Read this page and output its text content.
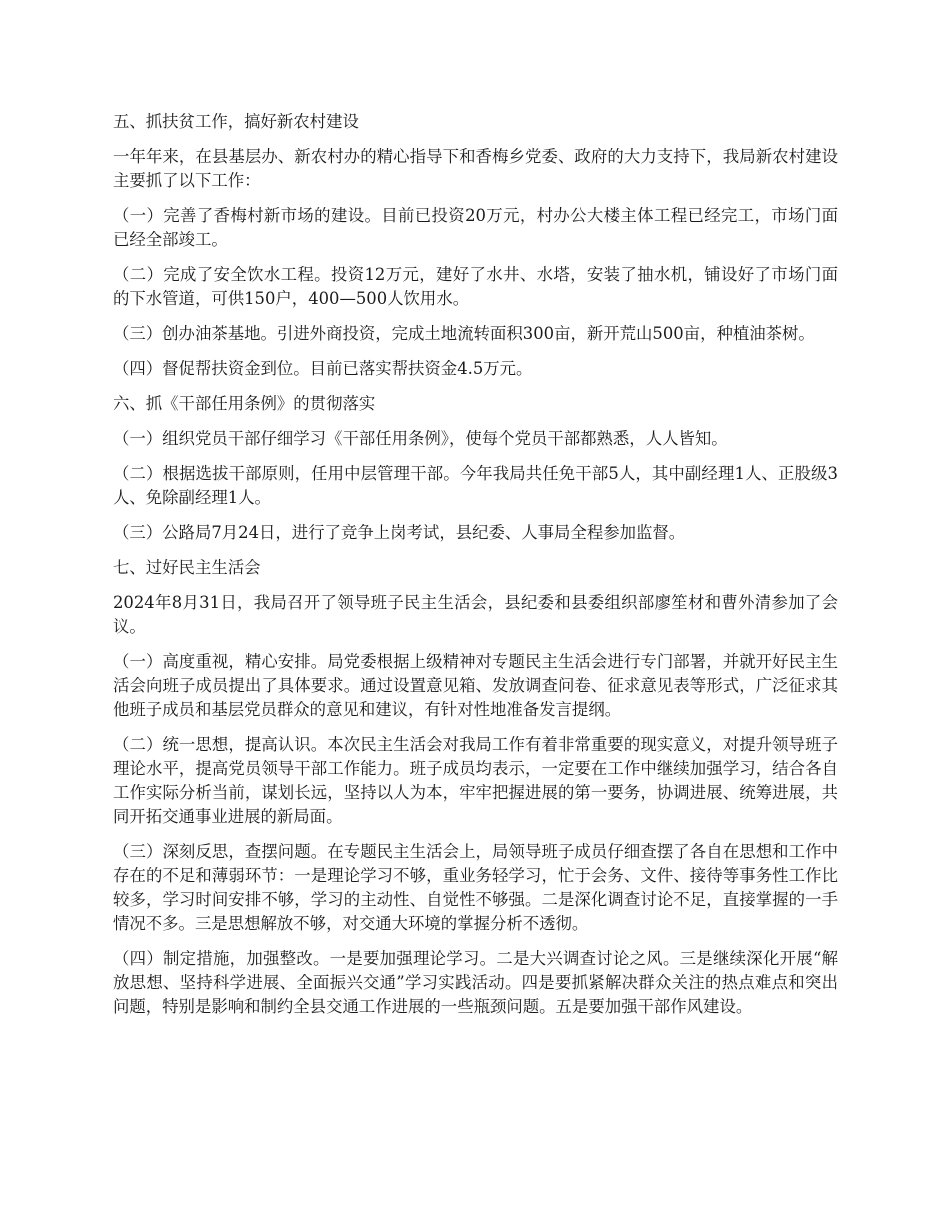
五、抓扶贫工作，搞好新农村建设

一年年来，在县基层办、新农村办的精心指导下和香梅乡党委、政府的大力支持下，我局新农村建设主要抓了以下工作：

（一）完善了香梅村新市场的建设。目前已投资20万元，村办公大楼主体工程已经完工，市场门面已经全部竣工。

（二）完成了安全饮水工程。投资12万元，建好了水井、水塔，安装了抽水机，铺设好了市场门面的下水管道，可供150户，400—500人饮用水。

（三）创办油茶基地。引进外商投资，完成土地流转面积300亩，新开荒山500亩，种植油茶树。

（四）督促帮扶资金到位。目前已落实帮扶资金4.5万元。

六、抓《干部任用条例》的贯彻落实

（一）组织党员干部仔细学习《干部任用条例》，使每个党员干部都熟悉，人人皆知。

（二）根据选拔干部原则，任用中层管理干部。今年我局共任免干部5人，其中副经理1人、正股级3人、免除副经理1人。

（三）公路局7月24日，进行了竞争上岗考试，县纪委、人事局全程参加监督。

七、过好民主生活会

2024年8月31日，我局召开了领导班子民主生活会，县纪委和县委组织部廖笙材和曹外清参加了会议。

（一）高度重视，精心安排。局党委根据上级精神对专题民主生活会进行专门部署，并就开好民主生活会向班子成员提出了具体要求。通过设置意见箱、发放调查问卷、征求意见表等形式，广泛征求其他班子成员和基层党员群众的意见和建议，有针对性地准备发言提纲。

（二）统一思想，提高认识。本次民主生活会对我局工作有着非常重要的现实意义，对提升领导班子理论水平，提高党员领导干部工作能力。班子成员均表示，一定要在工作中继续加强学习，结合各自工作实际分析当前，谋划长远，坚持以人为本，牢牢把握进展的第一要务，协调进展、统筹进展，共同开拓交通事业进展的新局面。

（三）深刻反思，查摆问题。在专题民主生活会上，局领导班子成员仔细查摆了各自在思想和工作中存在的不足和薄弱环节：一是理论学习不够，重业务轻学习，忙于会务、文件、接待等事务性工作比较多，学习时间安排不够，学习的主动性、自觉性不够强。二是深化调查讨论不足，直接掌握的一手情况不多。三是思想解放不够，对交通大环境的掌握分析不透彻。

（四）制定措施，加强整改。一是要加强理论学习。二是大兴调查讨论之风。三是继续深化开展“解放思想、坚持科学进展、全面振兴交通”学习实践活动。四是要抓紧解决群众关注的热点难点和突出问题，特别是影响和制约全县交通工作进展的一些瓶颈问题。五是要加强干部作风建设。
